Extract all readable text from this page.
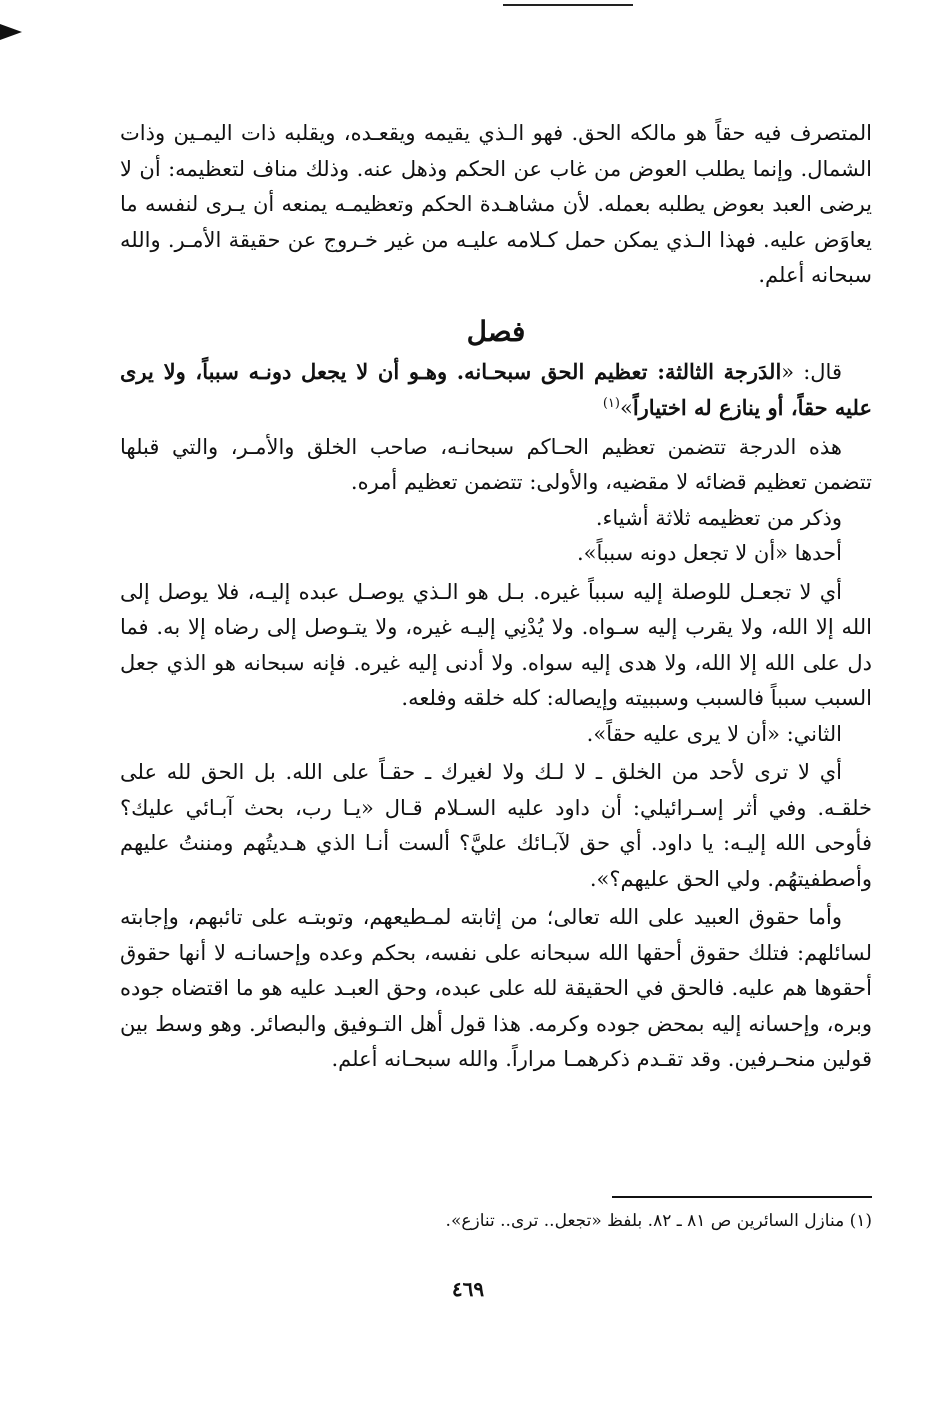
المتصرف فيه حقاً هو مالكه الحق. فهو الـذي يقيمه ويقعـده، ويقلبه ذات اليمـين وذات الشمال. وإنما يطلب العوض من غاب عن الحكم وذهل عنه. وذلك مناف لتعظيمه: أن لا يرضى العبد بعوض يطلبه بعمله. لأن مشاهـدة الحكم وتعظيمـه يمنعه أن يـرى لنفسه ما يعاوَض عليه. فهذا الـذي يمكن حمل كـلامه عليـه من غير خـروج عن حقيقة الأمـر. والله سبحانه أعلم.

فصل

قال: «الدَرجة الثالثة: تعظيم الحق سبحـانه. وهـو أن لا يجعل دونـه سبباً، ولا يرى عليه حقاً، أو ينازع له اختياراً»$^{(١)}$

هذه الدرجة تتضمن تعظيم الحـاكم سبحانـه، صاحب الخلق والأمـر، والتي قبلها تتضمن تعظيم قضائه لا مقضيه، والأولى: تتضمن تعظيم أمره.

وذكر من تعظيمه ثلاثة أشياء.

أحدها «أن لا تجعل دونه سبباً».

أي لا تجعـل للوصلة إليه سبباً غيره. بـل هو الـذي يوصـل عبده إليـه، فلا يوصل إلى الله إلا الله، ولا يقرب إليه سـواه. ولا يُدْنِي إليـه غيره، ولا يتـوصل إلى رضاه إلا به. فما دل على الله إلا الله، ولا هدى إليه سواه. ولا أدنى إليه غيره. فإنه سبحانه هو الذي جعل السبب سبباً فالسبب وسببيته وإيصاله: كله خلقه وفلعه.

الثاني: «أن لا يرى عليه حقاً».

أي لا ترى لأحد من الخلق ـ لا لـك ولا لغيرك ـ حقـاً على الله. بل الحق لله على خلقـه. وفي أثر إسـرائيلي: أن داود عليه السـلام قـال «يـا رب، بحث آبـائي عليك؟ فأوحى الله إليـه: يا داود. أي حق لآبـائك عليَّ؟ ألست أنـا الذي هـديتُهم ومننتُ عليهم وأصطفيتهُم. ولي الحق عليهم؟».

وأما حقوق العبيد على الله تعالى؛ من إثابته لمـطيعهم، وتوبتـه على تائبهم، وإجابته لسائلهم: فتلك حقوق أحقها الله سبحانه على نفسه، بحكم وعده وإحسانـه لا أنها حقوق أحقوها هم عليه. فالحق في الحقيقة لله على عبده، وحق العبـد عليه هو ما اقتضاه جوده وبره، وإحسانه إليه بمحض جوده وكرمه. هذا قول أهل التـوفيق والبصائر. وهو وسط بين قولين منحـرفين. وقد تقـدم ذكرهمـا مراراً. والله سبحـانه أعلم.

(١) منازل السائرين ص ٨١ ـ ٨٢. بلفظ «تجعل.. ترى.. تنازع».
٤٦٩
